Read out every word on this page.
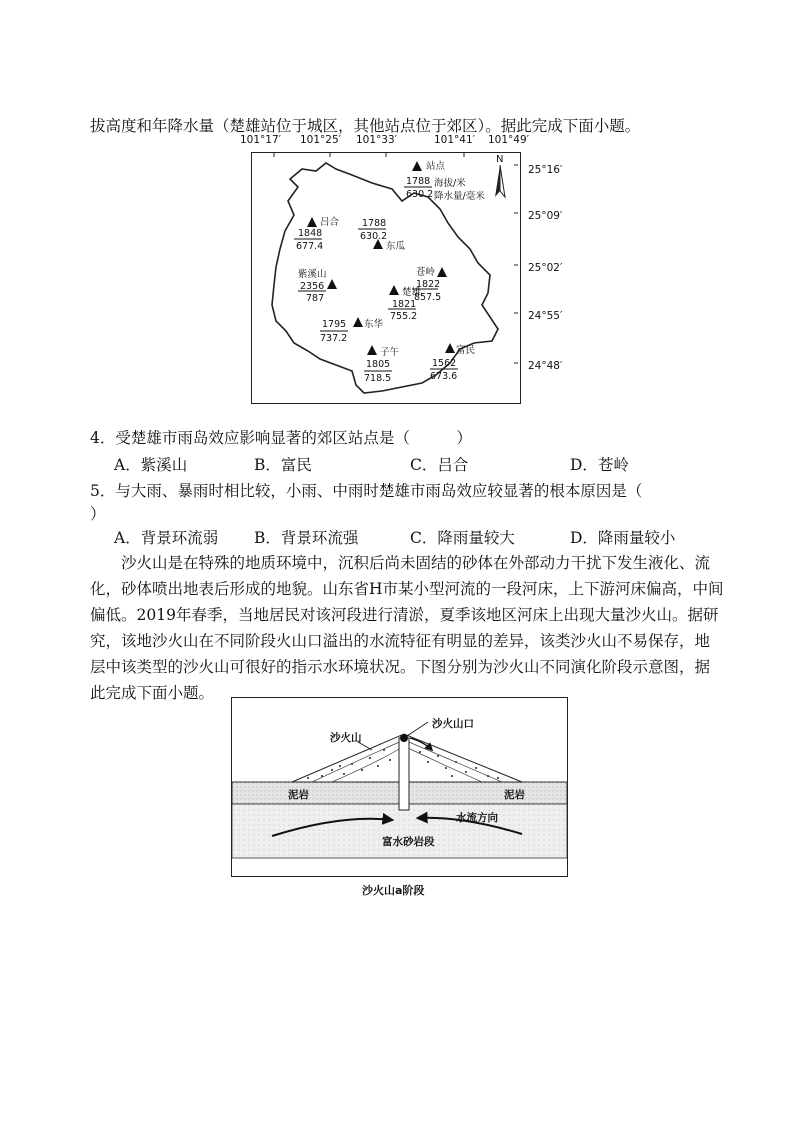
拔高度和年降水量（楚雄站位于城区，其他站点位于郊区）。据此完成下面小题。
101°17′ 101°25′ 101°33′	101°41′ 101°49′
25°16′
25°09′
25°02′
24°55′
24°48′
站点
1788
630.2
海拔/米
降水量/毫米
N
吕合
1848
677.4
1788
630.2
东瓜
苍岭
1822
857.5
紫溪山
2356
787
楚雄
1821
755.2
1795
737.2
东华
子午
1805
718.5
富民
1562
673.6
4．受楚雄市雨岛效应影响显著的郊区站点是（　　　）
A．紫溪山	B．富民	C．吕合	D．苍岭
5．与大雨、暴雨时相比较，小雨、中雨时楚雄市雨岛效应较显著的根本原因是（
）
A．背景环流弱 B．背景环流强	C．降雨量较大	D．降雨量较小
沙火山是在特殊的地质环境中，沉积后尚未固结的砂体在外部动力干扰下发生液化、流化，砂体喷出地表后形成的地貌。山东省H市某小型河流的一段河床，上下游河床偏高，中间偏低。2019年春季，当地居民对该河段进行清淤，夏季该地区河床上出现大量沙火山。据研究，该地沙火山在不同阶段火山口溢出的水流特征有明显的差异，该类沙火山不易保存，地层中该类型的沙火山可很好的指示水环境状况。下图分别为沙火山不同演化阶段示意图，据此完成下面小题。
沙火山
沙火山口
泥岩	泥岩
水流方向
富水砂岩段
沙火山a阶段
